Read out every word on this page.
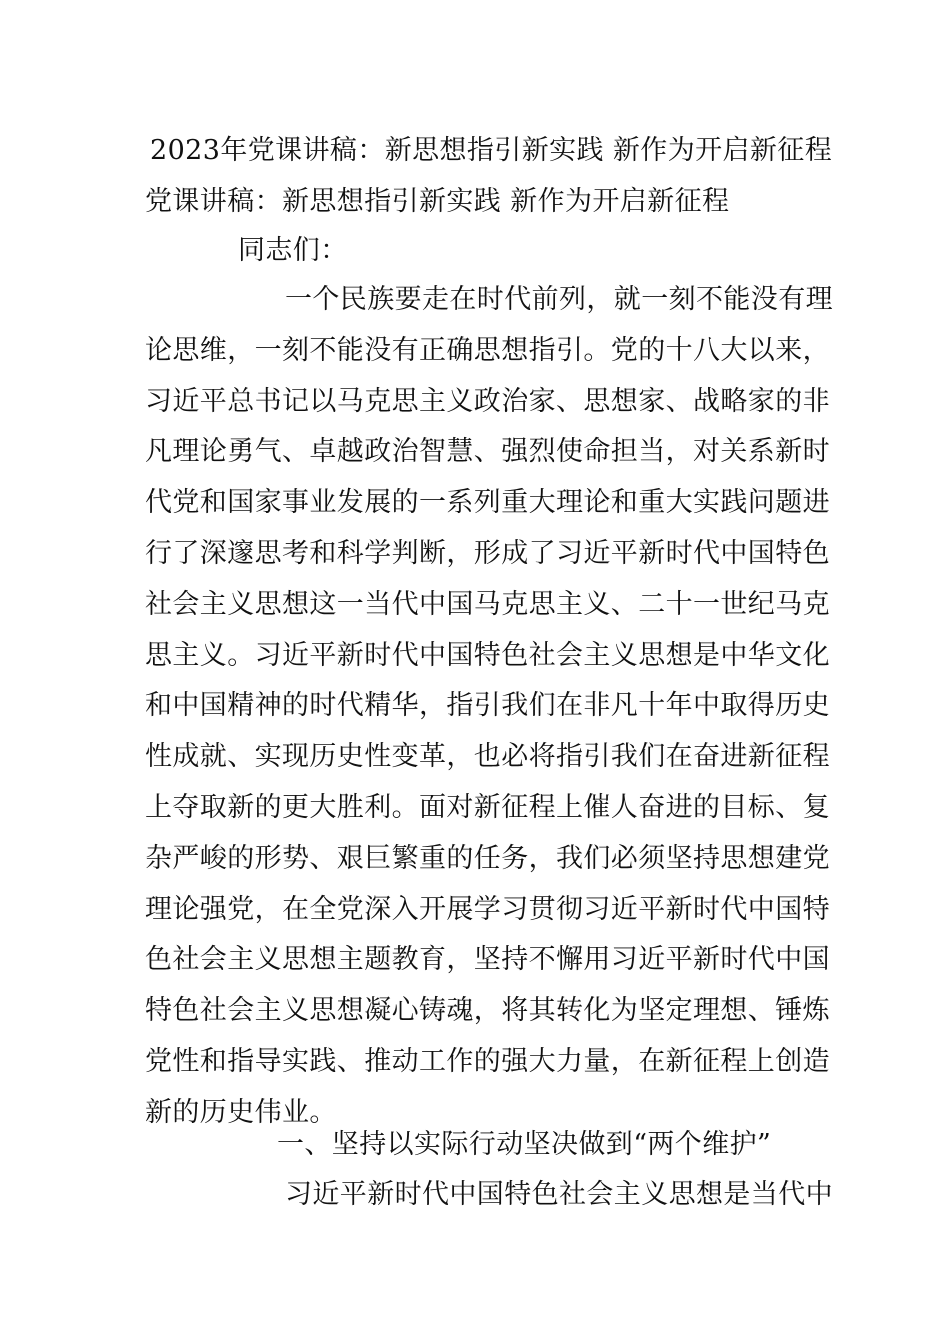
2023年党课讲稿：新思想指引新实践 新作为开启新征程
党课讲稿：新思想指引新实践 新作为开启新征程
同志们：
一个民族要走在时代前列，就一刻不能没有理
论思维，一刻不能没有正确思想指引。党的十八大以来，
习近平总书记以马克思主义政治家、思想家、战略家的非
凡理论勇气、卓越政治智慧、强烈使命担当，对关系新时
代党和国家事业发展的一系列重大理论和重大实践问题进
行了深邃思考和科学判断，形成了习近平新时代中国特色
社会主义思想这一当代中国马克思主义、二十一世纪马克
思主义。习近平新时代中国特色社会主义思想是中华文化
和中国精神的时代精华，指引我们在非凡十年中取得历史
性成就、实现历史性变革，也必将指引我们在奋进新征程
上夺取新的更大胜利。面对新征程上催人奋进的目标、复
杂严峻的形势、艰巨繁重的任务，我们必须坚持思想建党
理论强党，在全党深入开展学习贯彻习近平新时代中国特
色社会主义思想主题教育，坚持不懈用习近平新时代中国
特色社会主义思想凝心铸魂，将其转化为坚定理想、锤炼
党性和指导实践、推动工作的强大力量，在新征程上创造
新的历史伟业。
一、坚持以实际行动坚决做到“两个维护”
习近平新时代中国特色社会主义思想是当代中
